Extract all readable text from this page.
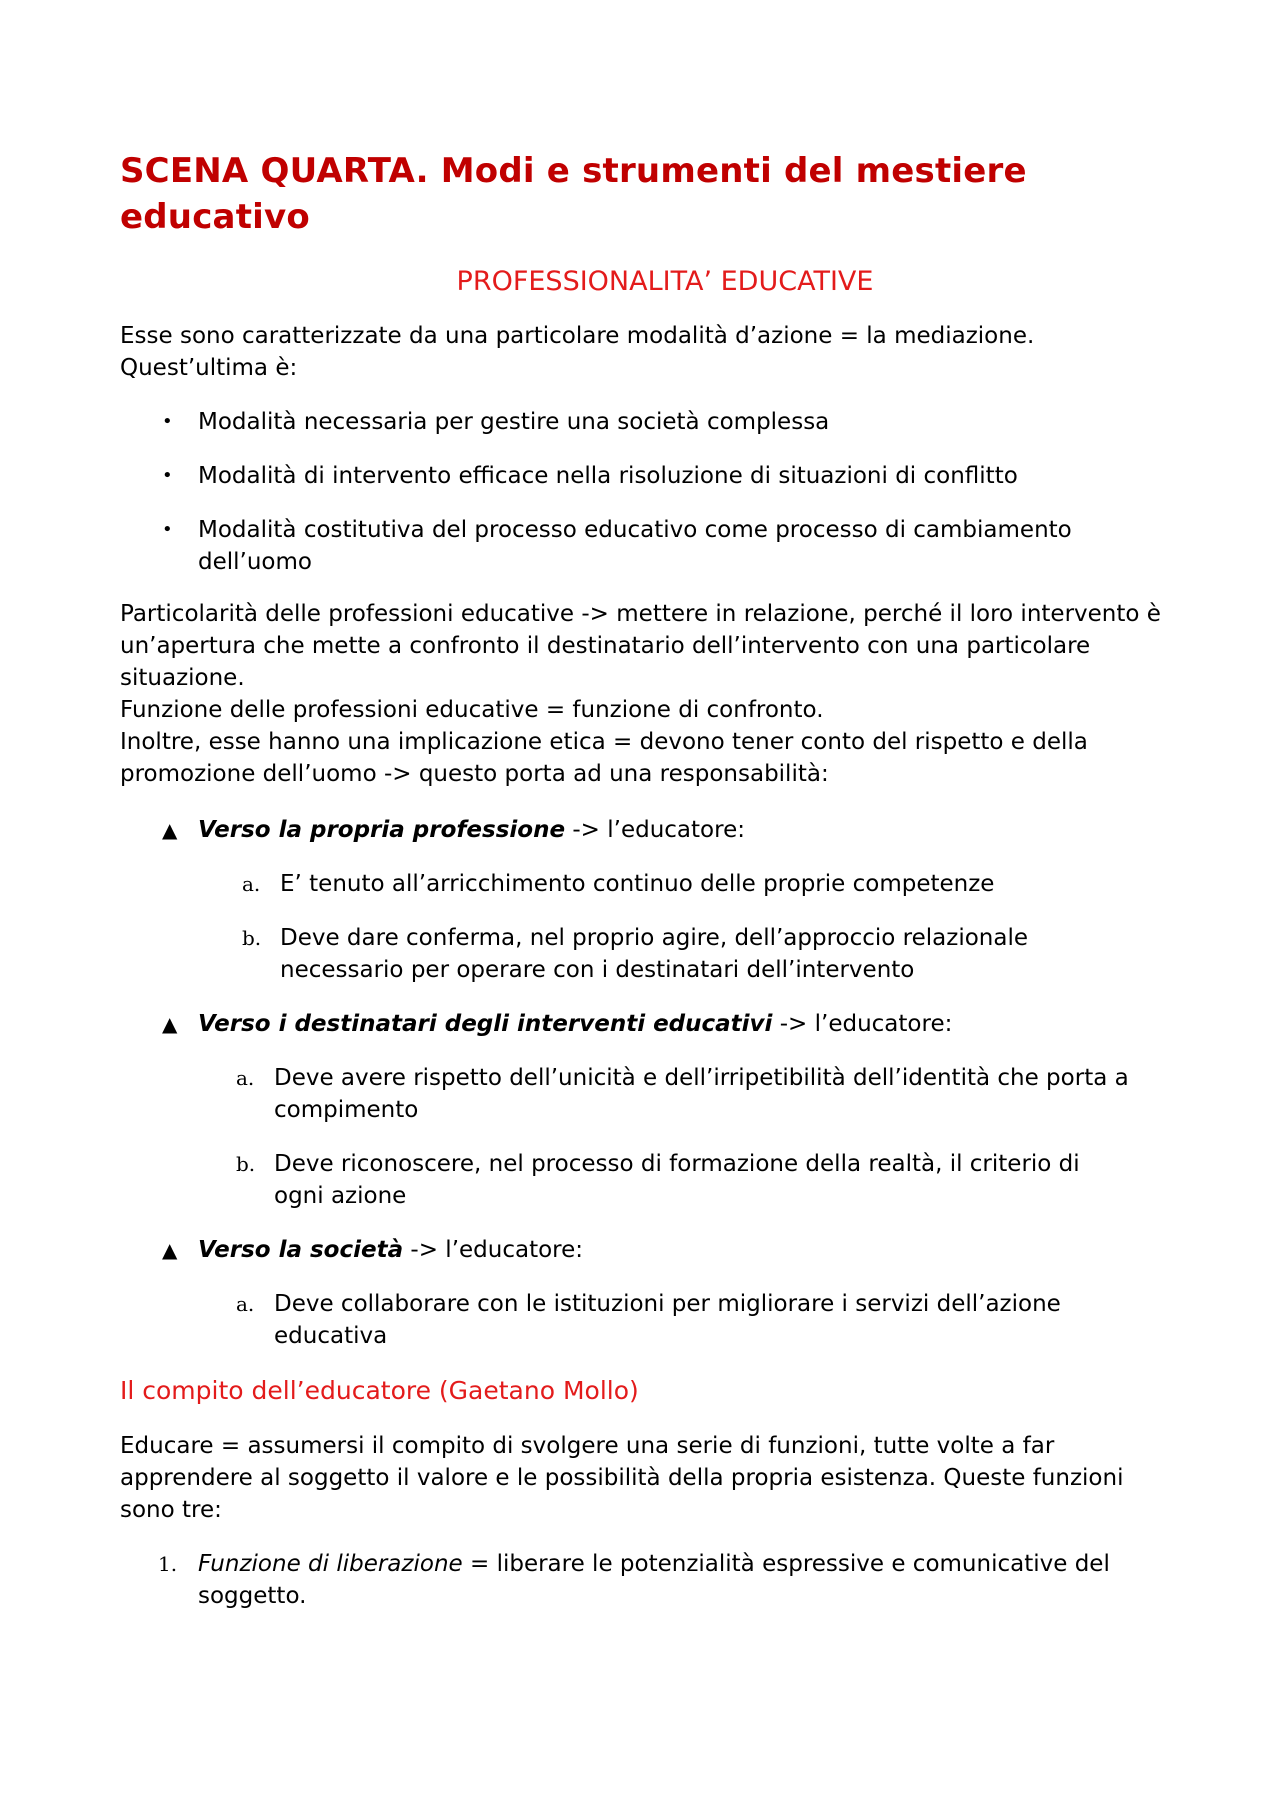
SCENA QUARTA. Modi e strumenti del mestiere educativo
PROFESSIONALITA’ EDUCATIVE

Esse sono caratterizzate da una particolare modalità d’azione = la mediazione.

Quest’ultima è:

• Modalità necessaria per gestire una società complessa
• Modalità di intervento efficace nella risoluzione di situazioni di conflitto
• Modalità costitutiva del processo educativo come processo di cambiamento dell’uomo

Particolarità delle professioni educative -> mettere in relazione, perché il loro intervento è un’apertura che mette a confronto il destinatario dell’intervento con una particolare situazione.

Funzione delle professioni educative = funzione di confronto.

Inoltre, esse hanno una implicazione etica = devono tener conto del rispetto e della promozione dell’uomo -> questo porta ad una responsabilità:

▲ Verso la propria professione -> l’educatore:
a. E’ tenuto all’arricchimento continuo delle proprie competenze
b. Deve dare conferma, nel proprio agire, dell’approccio relazionale necessario per operare con i destinatari dell’intervento
▲ Verso i destinatari degli interventi educativi -> l’educatore:
a. Deve avere rispetto dell’unicità e dell’irripetibilità dell’identità che porta a compimento
b. Deve riconoscere, nel processo di formazione della realtà, il criterio di ogni azione
▲ Verso la società -> l’educatore:
a. Deve collaborare con le istituzioni per migliorare i servizi dell’azione educativa
Il compito dell’educatore (Gaetano Mollo)

Educare = assumersi il compito di svolgere una serie di funzioni, tutte volte a far apprendere al soggetto il valore e le possibilità della propria esistenza. Queste funzioni sono tre:

1. Funzione di liberazione = liberare le potenzialità espressive e comunicative del soggetto.
